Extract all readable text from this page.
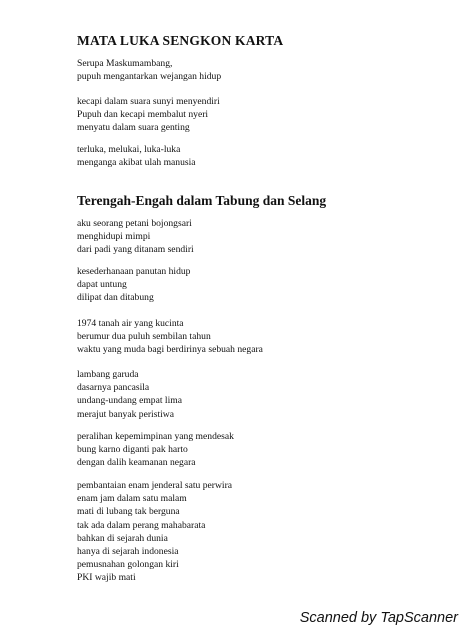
MATA LUKA SENGKON KARTA
Serupa Maskumambang,
pupuh mengantarkan wejangan hidup
kecapi dalam suara sunyi menyendiri
Pupuh dan kecapi membalut nyeri
menyatu dalam suara genting
terluka, melukai, luka-luka
menganga akibat ulah manusia
Terengah-Engah dalam Tabung dan Selang
aku seorang petani bojongsari
menghidupi mimpi
dari padi yang ditanam sendiri
kesederhanaan panutan hidup
dapat untung
dilipat dan ditabung
1974 tanah air yang kucinta
berumur dua puluh sembilan tahun
waktu yang muda bagi berdirinya sebuah negara
lambang garuda
dasarnya pancasila
undang-undang empat lima
merajut banyak peristiwa
peralihan kepemimpinan yang mendesak
bung karno diganti pak harto
dengan dalih keamanan negara
pembantaian enam jenderal satu perwira
enam jam dalam satu malam
mati di lubang tak berguna
tak ada dalam perang mahabarata
bahkan di sejarah dunia
hanya di sejarah indonesia
pemusnahan golongan kiri
PKI wajib mati
Scanned by TapScanner
